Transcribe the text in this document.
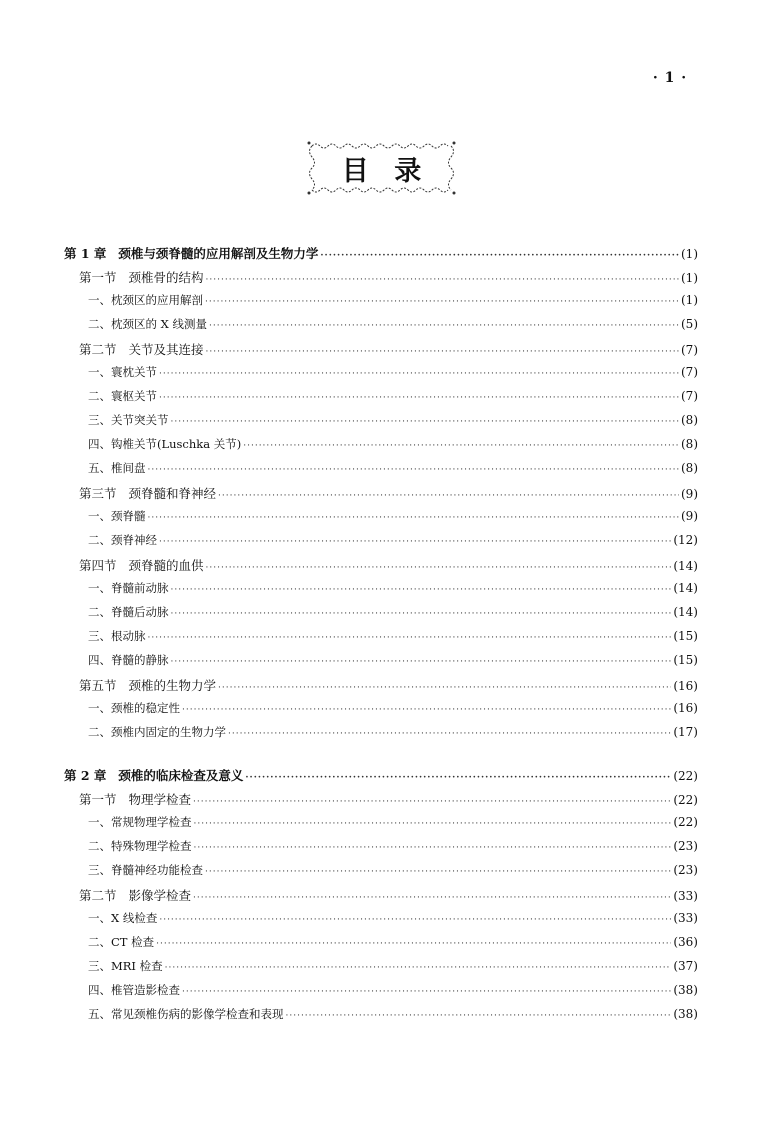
· 1 ·
目 录
第 1 章 颈椎与颈脊髓的应用解剖及生物力学 ·····	(1)
第一节 颈椎骨的结构 ·····	(1)
一、枕颈区的应用解剖 ·····	(1)
二、枕颈区的 X 线测量 ·····	(5)
第二节 关节及其连接 ·····	(7)
一、寰枕关节 ·····	(7)
二、寰枢关节 ·····	(7)
三、关节突关节 ·····	(8)
四、钩椎关节(Luschka 关节) ·····	(8)
五、椎间盘 ·····	(8)
第三节 颈脊髓和脊神经 ·····	(9)
一、颈脊髓 ·····	(9)
二、颈脊神经 ·····	(12)
第四节 颈脊髓的血供 ·····	(14)
一、脊髓前动脉 ·····	(14)
二、脊髓后动脉 ·····	(14)
三、根动脉 ·····	(15)
四、脊髓的静脉 ·····	(15)
第五节 颈椎的生物力学 ·····	(16)
一、颈椎的稳定性 ·····	(16)
二、颈椎内固定的生物力学 ·····	(17)
第 2 章 颈椎的临床检查及意义 ·····	(22)
第一节 物理学检查 ·····	(22)
一、常规物理学检查 ·····	(22)
二、特殊物理学检查 ·····	(23)
三、脊髓神经功能检查 ·····	(23)
第二节 影像学检查 ·····	(33)
一、X 线检查 ·····	(33)
二、CT 检查 ·····	(36)
三、MRI 检查 ·····	(37)
四、椎管造影检查 ·····	(38)
五、常见颈椎伤病的影像学检查和表现 ·····	(38)
